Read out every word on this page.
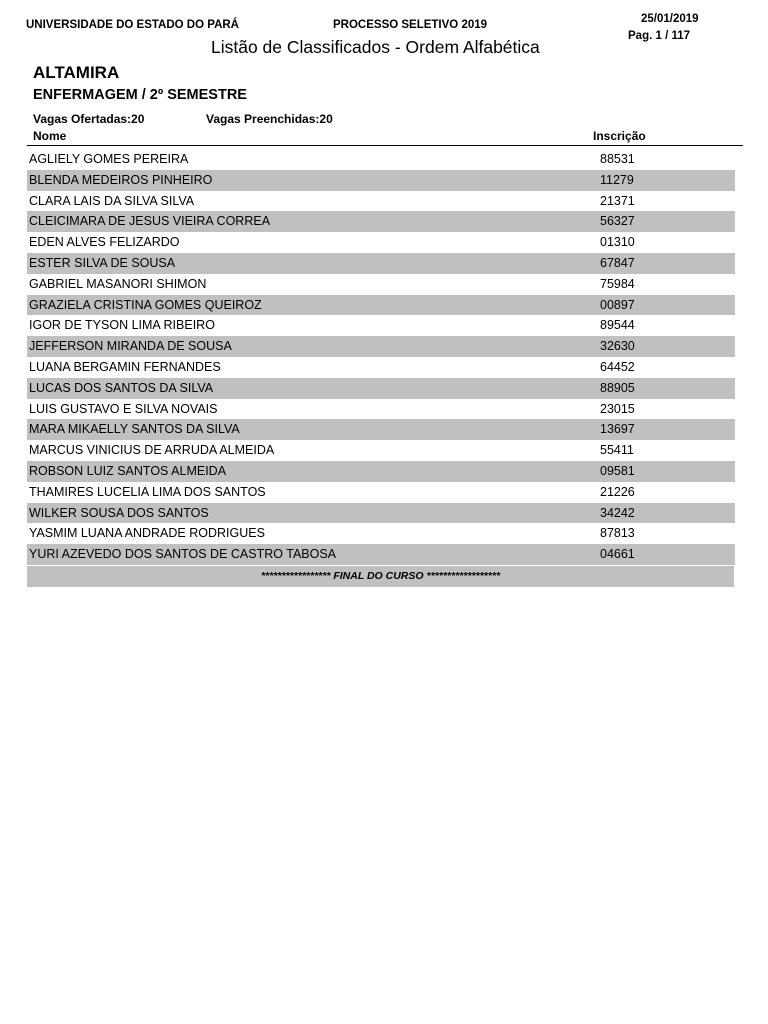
UNIVERSIDADE DO ESTADO DO PARÁ	PROCESSO SELETIVO 2019	25/01/2019
Pag. 1 / 117
Listão de Classificados - Ordem Alfabética
ALTAMIRA
ENFERMAGEM / 2º SEMESTRE
Vagas Ofertadas:20	Vagas Preenchidas:20
Nome	Inscrição
AGLIELY GOMES PEREIRA	88531
BLENDA MEDEIROS PINHEIRO	11279
CLARA LAIS DA SILVA SILVA	21371
CLEICIMARA DE JESUS VIEIRA CORREA	56327
EDEN ALVES FELIZARDO	01310
ESTER SILVA DE SOUSA	67847
GABRIEL MASANORI SHIMON	75984
GRAZIELA CRISTINA GOMES QUEIROZ	00897
IGOR DE TYSON LIMA RIBEIRO	89544
JEFFERSON MIRANDA DE SOUSA	32630
LUANA BERGAMIN FERNANDES	64452
LUCAS DOS SANTOS DA SILVA	88905
LUIS GUSTAVO E SILVA NOVAIS	23015
MARA MIKAELLY SANTOS DA SILVA	13697
MARCUS VINICIUS DE ARRUDA ALMEIDA	55411
ROBSON LUIZ SANTOS ALMEIDA	09581
THAMIRES LUCELIA LIMA DOS SANTOS	21226
WILKER SOUSA DOS SANTOS	34242
YASMIM LUANA ANDRADE RODRIGUES	87813
YURI AZEVEDO DOS SANTOS DE CASTRO TABOSA	04661
***************** FINAL DO CURSO ******************
